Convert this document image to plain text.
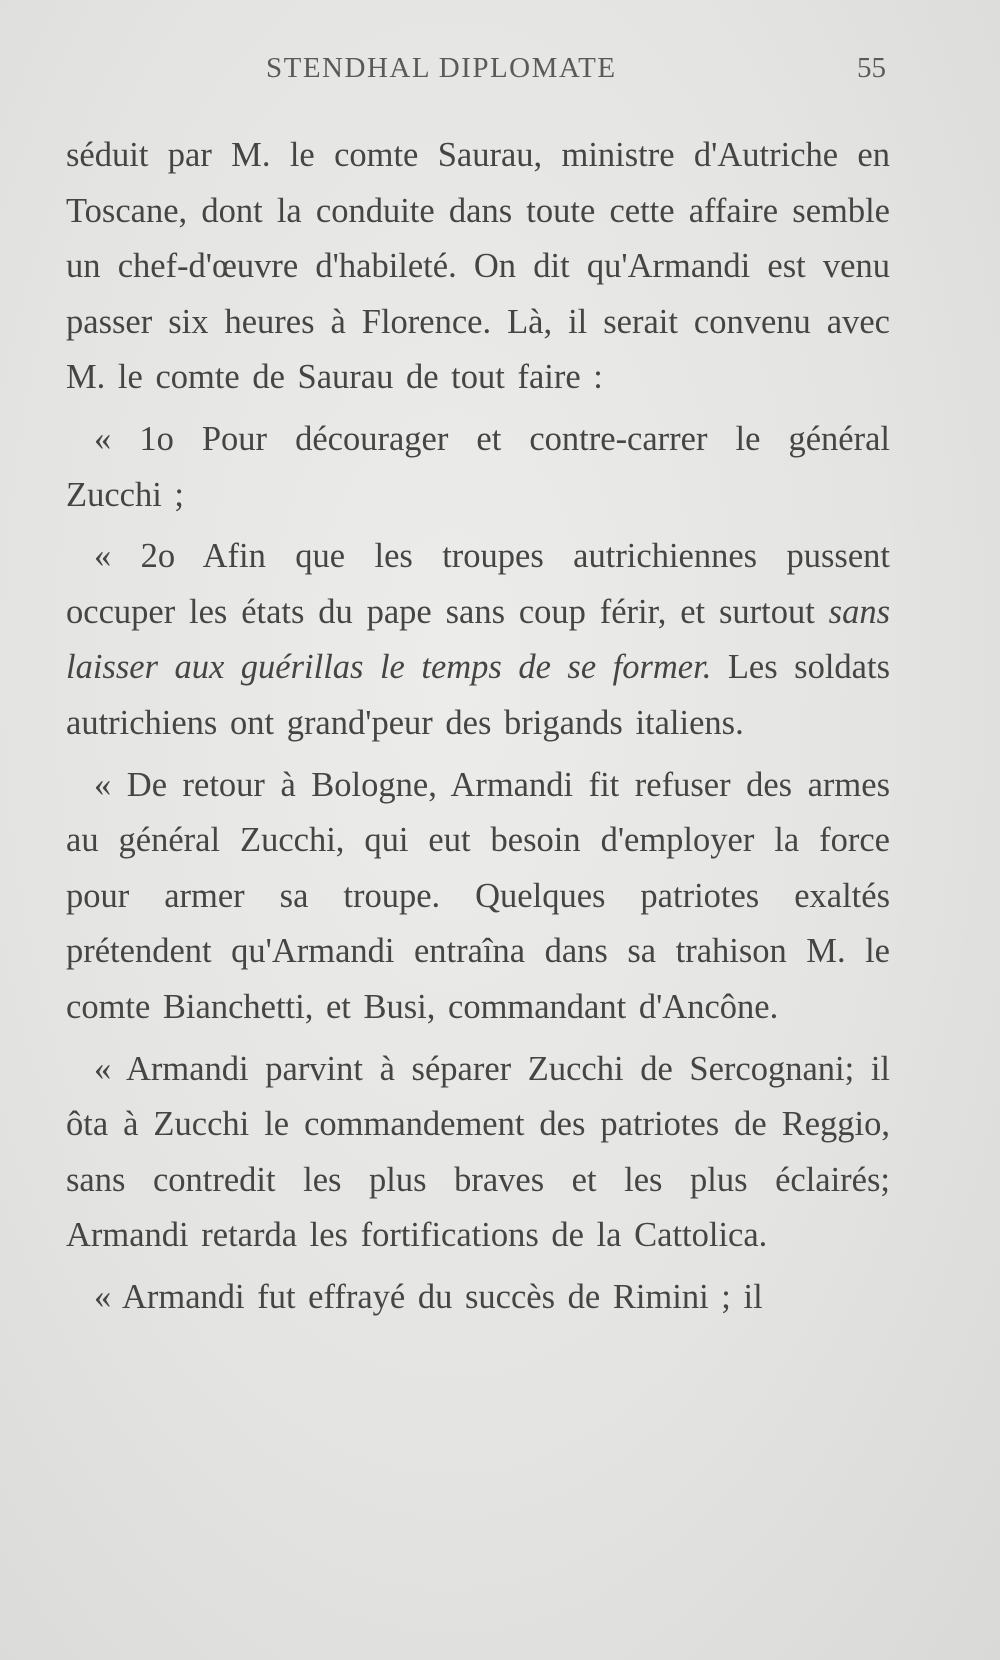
STENDHAL DIPLOMATE	55

séduit par M. le comte Saurau, ministre d'Autriche en Toscane, dont la conduite dans toute cette affaire semble un chef-d'œuvre d'habileté. On dit qu'Armandi est venu passer six heures à Florence. Là, il serait convenu avec M. le comte de Saurau de tout faire :

« 1o Pour décourager et contre-carrer le général Zucchi ;

« 2o Afin que les troupes autrichiennes pussent occuper les états du pape sans coup férir, et surtout sans laisser aux guérillas le temps de se former. Les soldats autrichiens ont grand'peur des brigands italiens.

« De retour à Bologne, Armandi fit refuser des armes au général Zucchi, qui eut besoin d'employer la force pour armer sa troupe. Quelques patriotes exaltés prétendent qu'Armandi entraîna dans sa trahison M. le comte Bianchetti, et Busi, commandant d'Ancône.

« Armandi parvint à séparer Zucchi de Sercognani; il ôta à Zucchi le commandement des patriotes de Reggio, sans contredit les plus braves et les plus éclairés; Armandi retarda les fortifications de la Cattolica.

« Armandi fut effrayé du succès de Rimini ; il
